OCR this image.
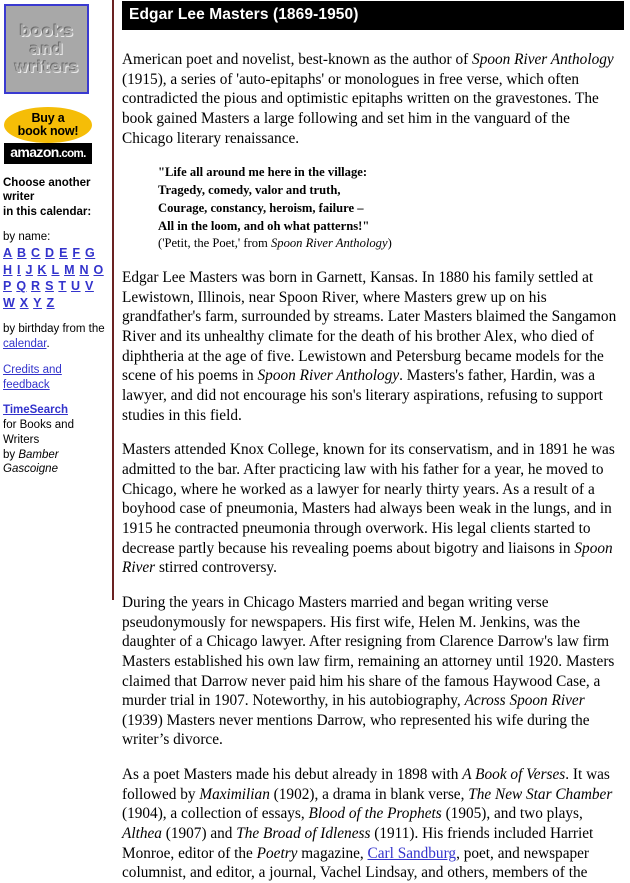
books
and
writers
Buy a
book now!
amazon.com.
Choose another writer
in this calendar:
by name:
A B C D E F G H I J K L M N O P Q R S T U V W X Y Z
by birthday from the calendar.
Credits and feedback
TimeSearch
for Books and Writers
by Bamber Gascoigne
Edgar Lee Masters (1869-1950)

American poet and novelist, best-known as the author of Spoon River Anthology (1915), a series of 'auto-epitaphs' or monologues in free verse, which often contradicted the pious and optimistic epitaphs written on the gravestones. The book gained Masters a large following and set him in the vanguard of the Chicago literary renaissance.

"Life all around me here in the village:
Tragedy, comedy, valor and truth,
Courage, constancy, heroism, failure –
All in the loom, and oh what patterns!"
('Petit, the Poet,' from Spoon River Anthology)

Edgar Lee Masters was born in Garnett, Kansas. In 1880 his family settled at Lewistown, Illinois, near Spoon River, where Masters grew up on his grandfather's farm, surrounded by streams. Later Masters blaimed the Sangamon River and its unhealthy climate for the death of his brother Alex, who died of diphtheria at the age of five. Lewistown and Petersburg became models for the scene of his poems in Spoon River Anthology. Masters's father, Hardin, was a lawyer, and did not encourage his son's literary aspirations, refusing to support studies in this field.

Masters attended Knox College, known for its conservatism, and in 1891 he was admitted to the bar. After practicing law with his father for a year, he moved to Chicago, where he worked as a lawyer for nearly thirty years. As a result of a boyhood case of pneumonia, Masters had always been weak in the lungs, and in 1915 he contracted pneumonia through overwork. His legal clients started to decrease partly because his revealing poems about bigotry and liaisons in Spoon River stirred controversy.

During the years in Chicago Masters married and began writing verse pseudonymously for newspapers. His first wife, Helen M. Jenkins, was the daughter of a Chicago lawyer. After resigning from Clarence Darrow's law firm Masters established his own law firm, remaining an attorney until 1920. Masters claimed that Darrow never paid him his share of the famous Haywood Case, a murder trial in 1907. Noteworthy, in his autobiography, Across Spoon River (1939) Masters never mentions Darrow, who represented his wife during the writer’s divorce.

As a poet Masters made his debut already in 1898 with A Book of Verses. It was followed by Maximilian (1902), a drama in blank verse, The New Star Chamber (1904), a collection of essays, Blood of the Prophets (1905), and two plays, Althea (1907) and The Broad of Idleness (1911). His friends included Harriet Monroe, editor of the Poetry magazine, Carl Sandburg, poet, and newspaper columnist, and editor, a journal, Vachel Lindsay, and others, members of the
